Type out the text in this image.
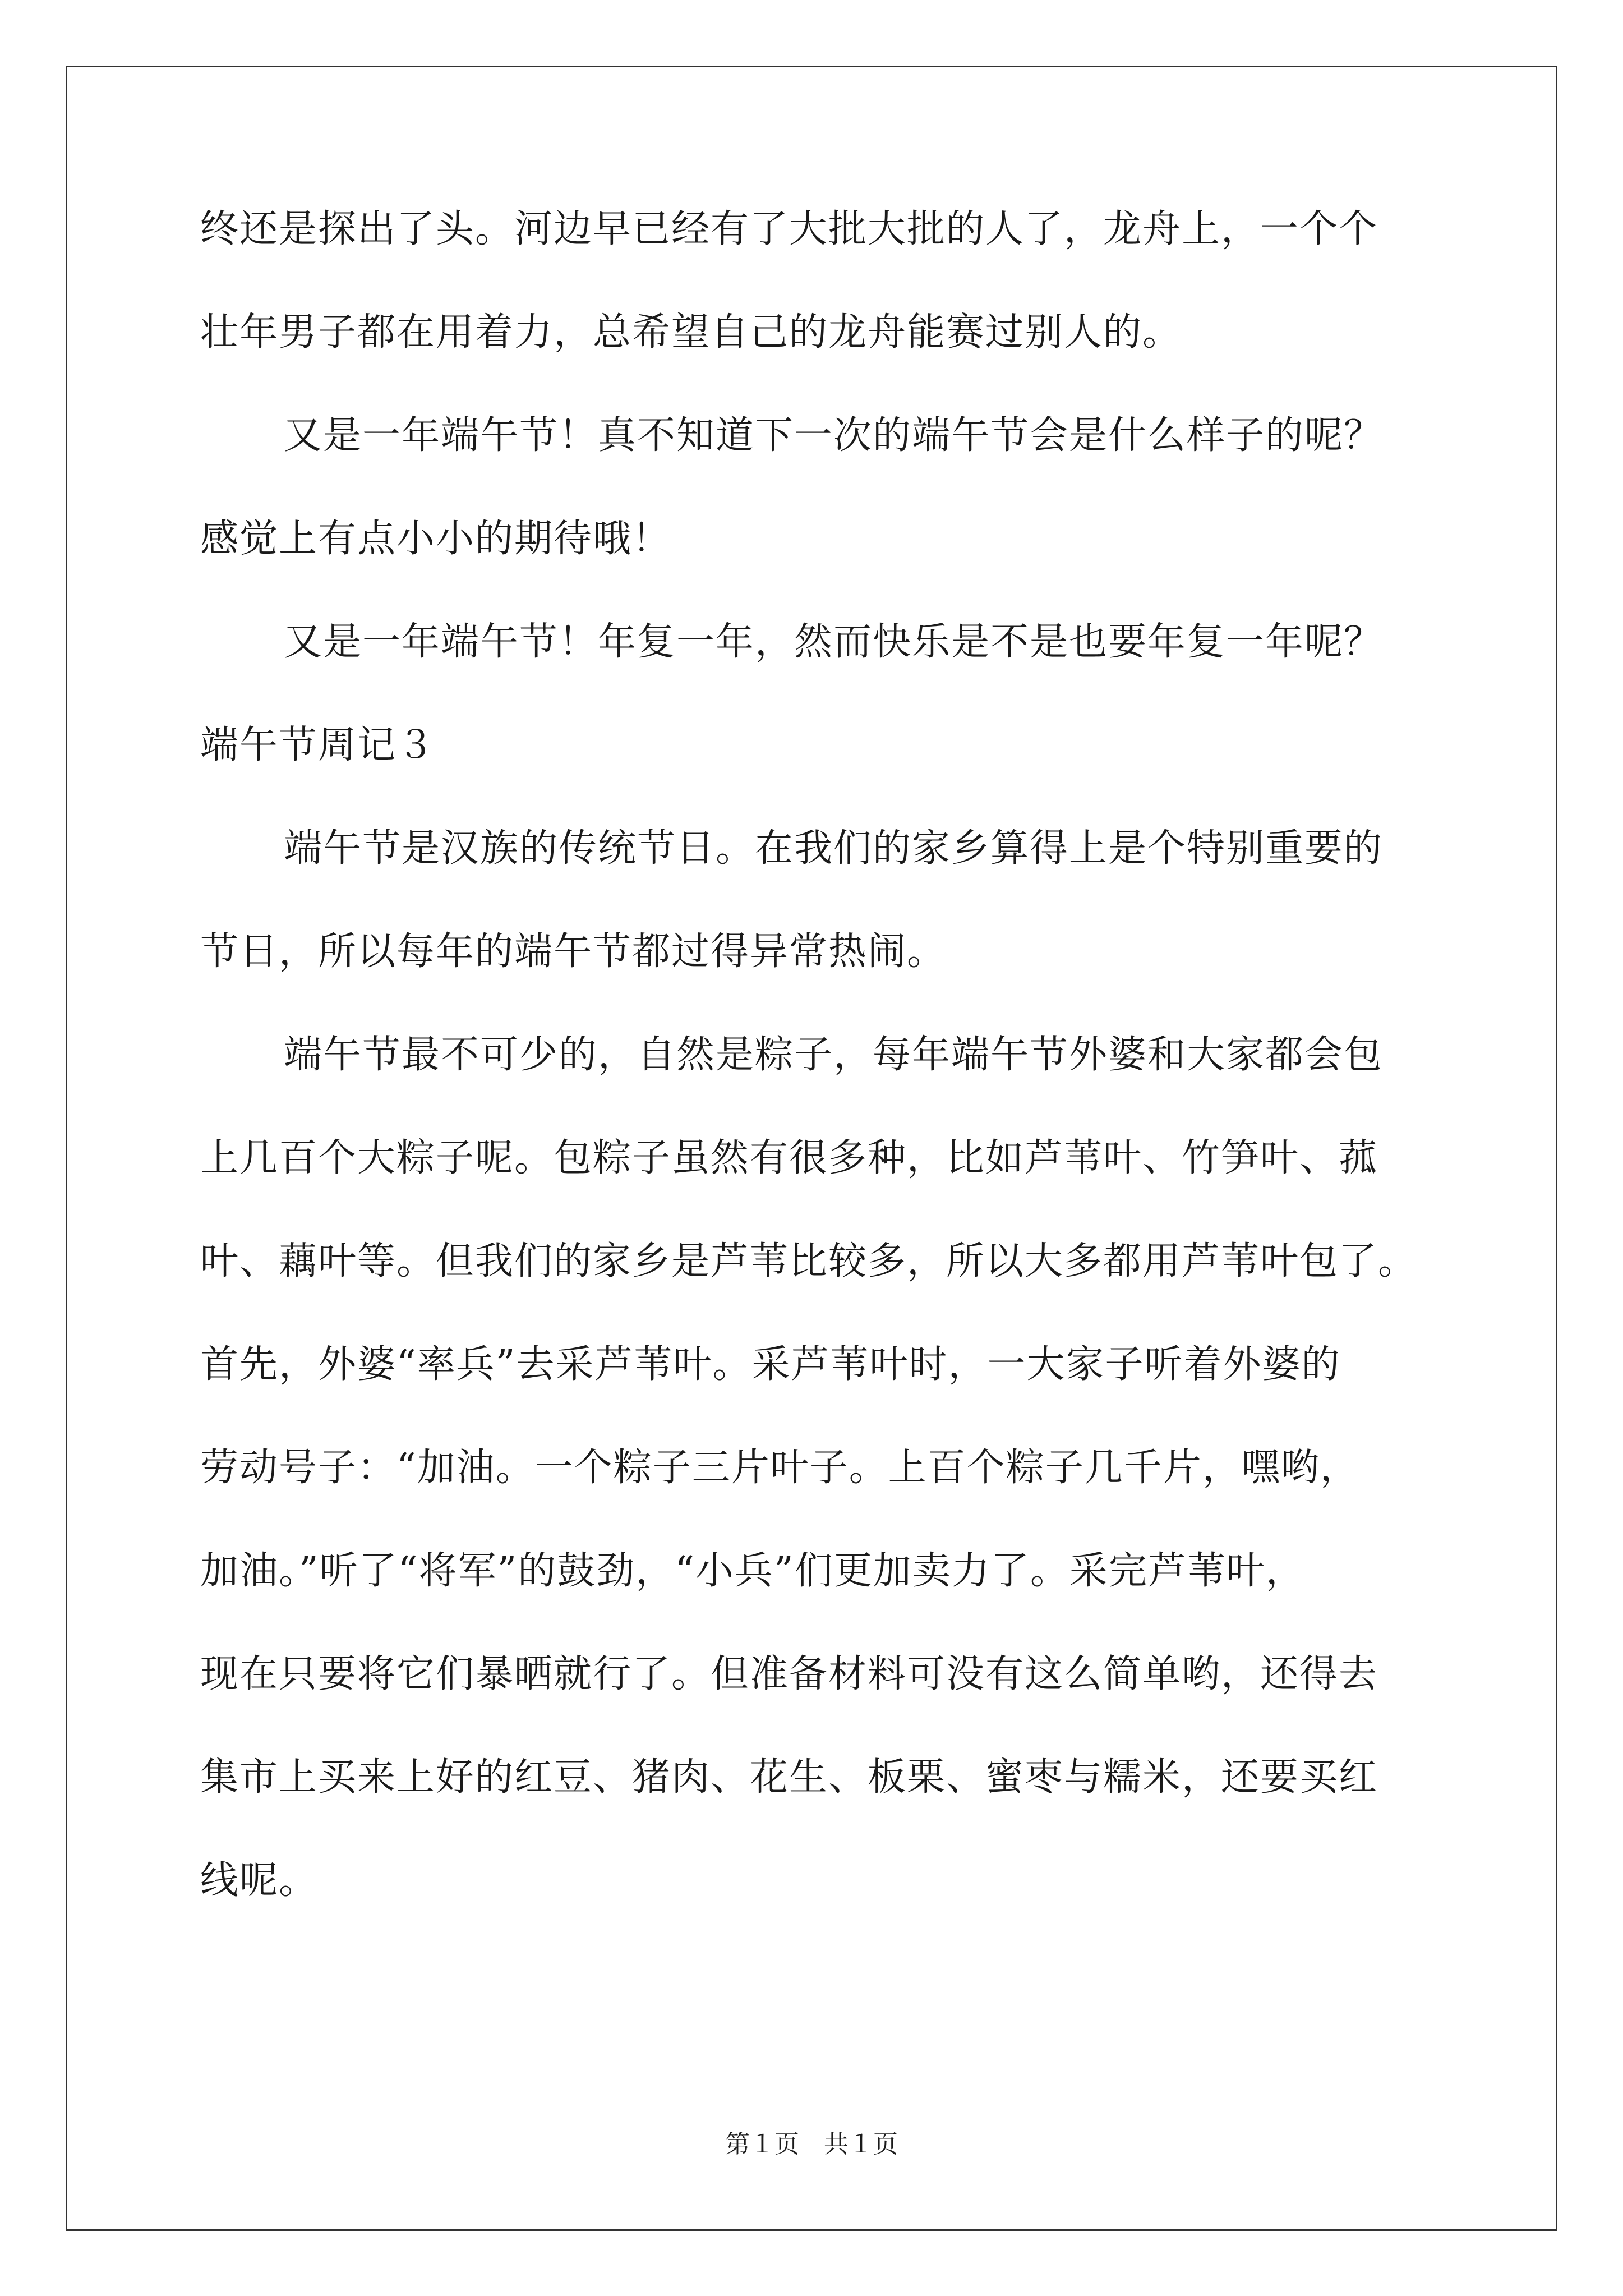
终还是探出了头。河边早已经有了大批大批的人了，龙舟上，一个个

壮年男子都在用着力，总希望自己的龙舟能赛过别人的。

又是一年端午节！真不知道下一次的端午节会是什么样子的呢？

感觉上有点小小的期待哦！

又是一年端午节！年复一年，然而快乐是不是也要年复一年呢？

端午节周记３

端午节是汉族的传统节日。在我们的家乡算得上是个特别重要的

节日，所以每年的端午节都过得异常热闹。

端午节最不可少的，自然是粽子，每年端午节外婆和大家都会包

上几百个大粽子呢。包粽子虽然有很多种，比如芦苇叶、竹笋叶、菰

叶、藕叶等。但我们的家乡是芦苇比较多，所以大多都用芦苇叶包了。

首先，外婆“率兵”去采芦苇叶。采芦苇叶时，一大家子听着外婆的

劳动号子：“加油。一个粽子三片叶子。上百个粽子几千片，嘿哟，

加油。”听了“将军”的鼓劲，“小兵”们更加卖力了。采完芦苇叶，

现在只要将它们暴晒就行了。但准备材料可没有这么简单哟，还得去

集市上买来上好的红豆、猪肉、花生、板栗、蜜枣与糯米，还要买红

线呢。

第１页　共１页
